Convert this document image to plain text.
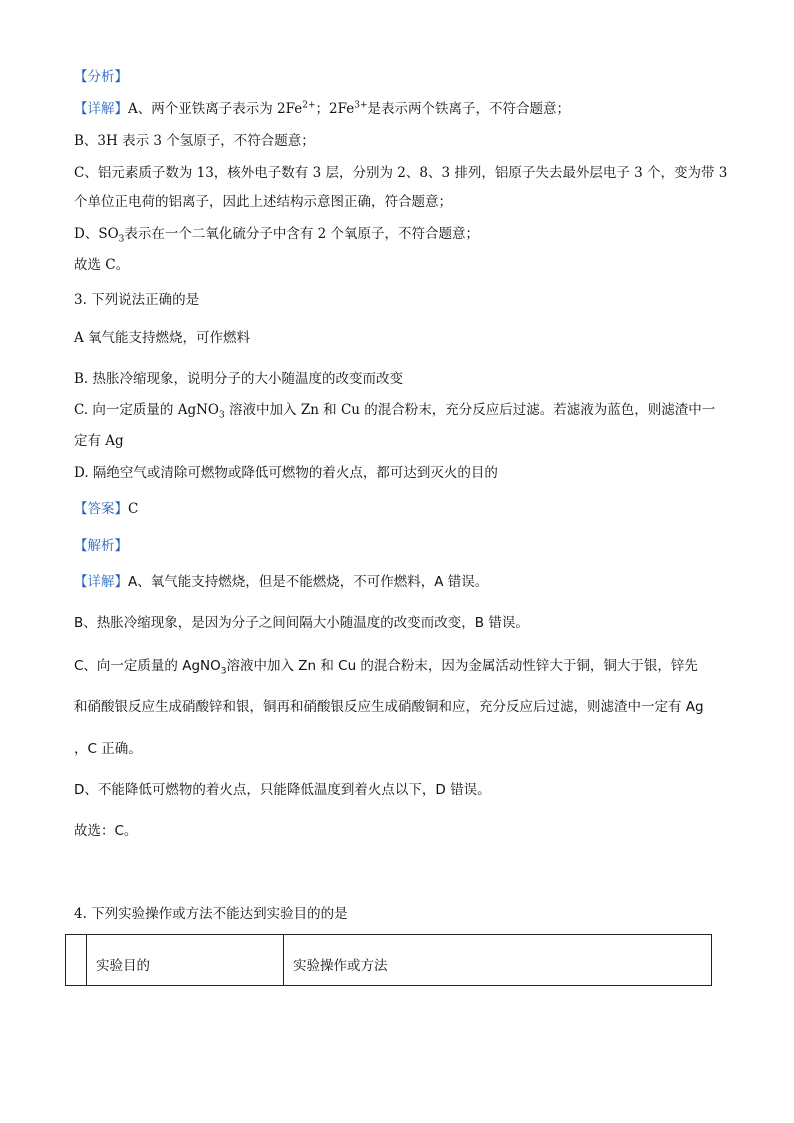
【分析】
【详解】A、两个亚铁离子表示为 $2Fe^{2+}$；$2Fe^{3+}$是表示两个铁离子，不符合题意；
B、3H 表示 3 个氢原子，不符合题意；
C、铝元素质子数为 13，核外电子数有 3 层，分别为 2、8、3 排列，铝原子失去最外层电子 3 个，变为带 3
个单位正电荷的铝离子，因此上述结构示意图正确，符合题意；
D、$SO_3$表示在一个二氧化硫分子中含有 2 个氧原子，不符合题意；
故选 C。
3. 下列说法正确的是
A 氧气能支持燃烧，可作燃料
B. 热胀冷缩现象，说明分子的大小随温度的改变而改变
C. 向一定质量的 AgNO$_3$ 溶液中加入 Zn 和 Cu 的混合粉末，充分反应后过滤。若滤液为蓝色，则滤渣中一
定有 Ag
D. 隔绝空气或清除可燃物或降低可燃物的着火点，都可达到灭火的目的
【答案】C
【解析】
【详解】A、氧气能支持燃烧，但是不能燃烧，不可作燃料，A 错误。
B、热胀冷缩现象，是因为分子之间间隔大小随温度的改变而改变，B 错误。
C、向一定质量的 AgNO$_3$溶液中加入 Zn 和 Cu 的混合粉末，因为金属活动性锌大于铜，铜大于银，锌先
和硝酸银反应生成硝酸锌和银，铜再和硝酸银反应生成硝酸铜和应，充分反应后过滤，则滤渣中一定有 Ag
，C 正确。
D、不能降低可燃物的着火点，只能降低温度到着火点以下，D 错误。
故选：C。
4. 下列实验操作或方法不能达到实验目的的是
实验目的	实验操作或方法
